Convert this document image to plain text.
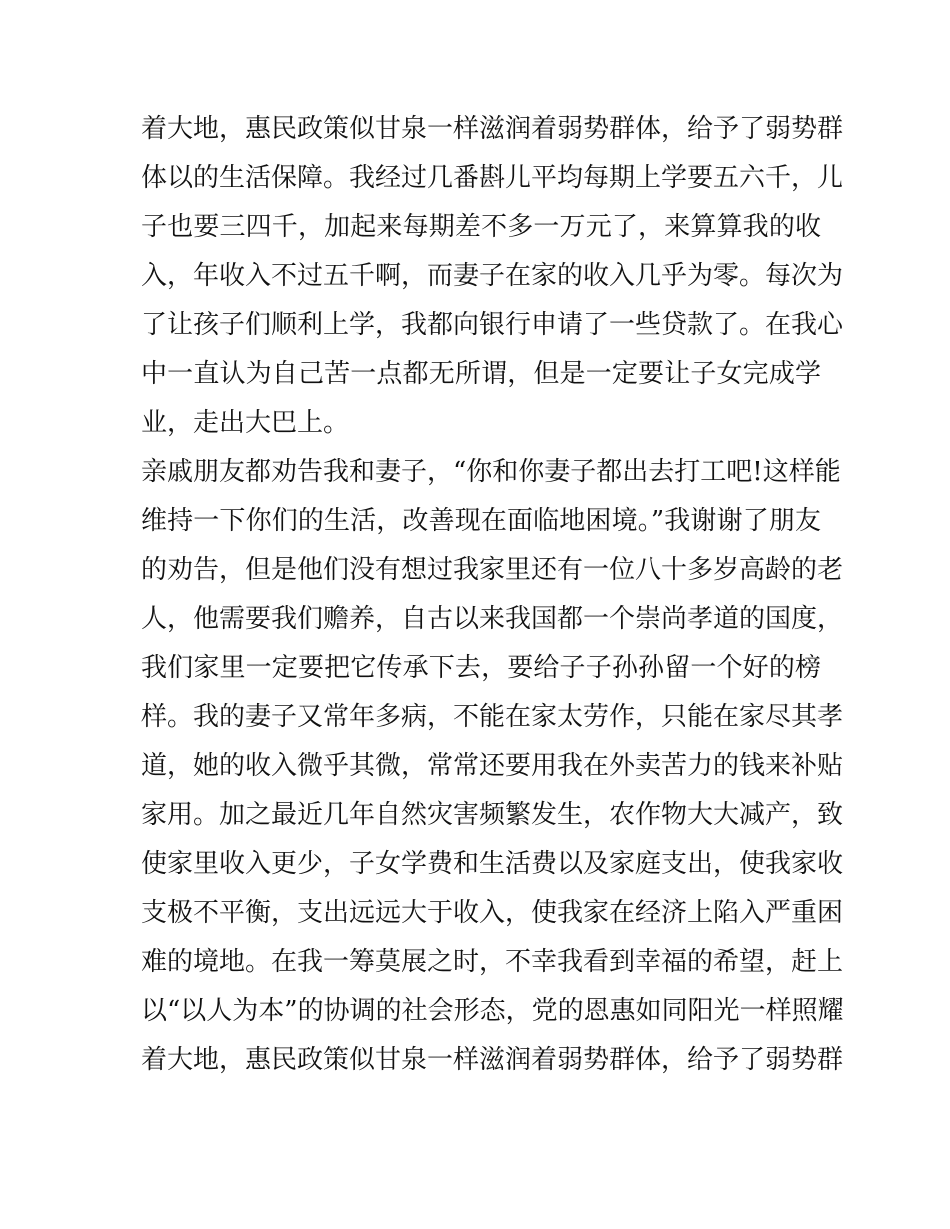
着大地，惠民政策似甘泉一样滋润着弱势群体，给予了弱势群
体以的生活保障。我经过几番斟儿平均每期上学要五六千，儿
子也要三四千，加起来每期差不多一万元了，来算算我的收
入，年收入不过五千啊，而妻子在家的收入几乎为零。每次为
了让孩子们顺利上学，我都向银行申请了一些贷款了。在我心
中一直认为自己苦一点都无所谓，但是一定要让子女完成学
业，走出大巴上。
亲戚朋友都劝告我和妻子，“你和你妻子都出去打工吧!这样能
维持一下你们的生活，改善现在面临地困境。”我谢谢了朋友
的劝告，但是他们没有想过我家里还有一位八十多岁高龄的老
人，他需要我们赡养，自古以来我国都一个崇尚孝道的国度，
我们家里一定要把它传承下去，要给子子孙孙留一个好的榜
样。我的妻子又常年多病，不能在家太劳作，只能在家尽其孝
道，她的收入微乎其微，常常还要用我在外卖苦力的钱来补贴
家用。加之最近几年自然灾害频繁发生，农作物大大减产，致
使家里收入更少，子女学费和生活费以及家庭支出，使我家收
支极不平衡，支出远远大于收入，使我家在经济上陷入严重困
难的境地。在我一筹莫展之时，不幸我看到幸福的希望，赶上
以“以人为本”的协调的社会形态，党的恩惠如同阳光一样照耀
着大地，惠民政策似甘泉一样滋润着弱势群体，给予了弱势群
